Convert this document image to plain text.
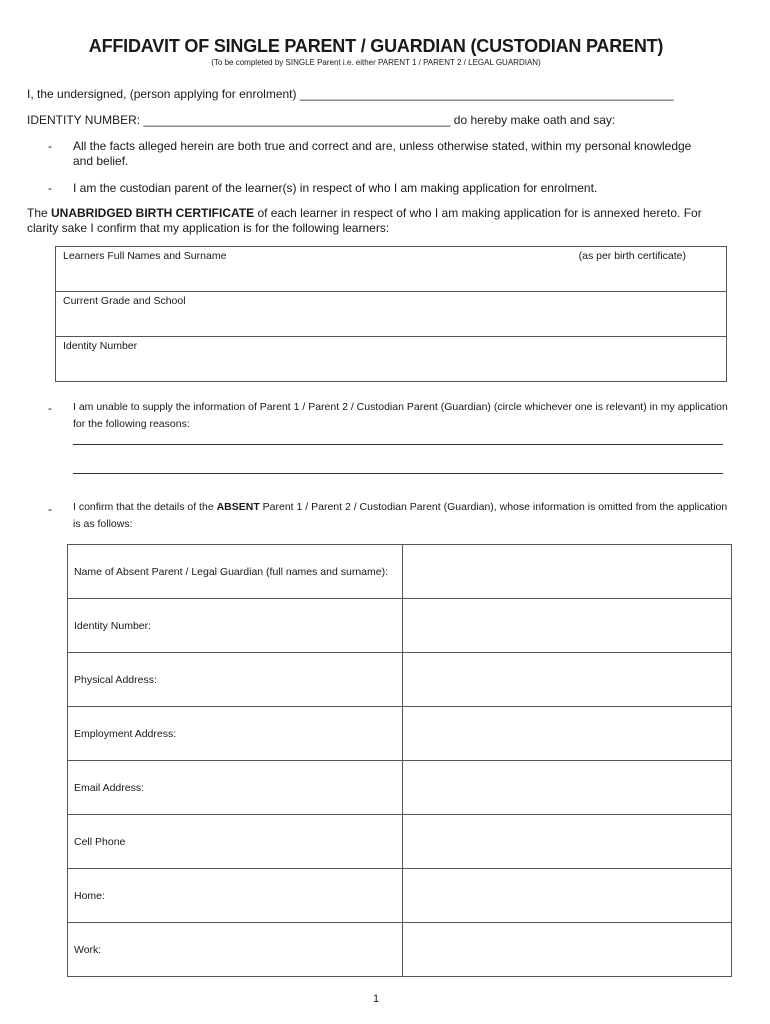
AFFIDAVIT OF SINGLE PARENT / GUARDIAN (CUSTODIAN PARENT)
(To be completed by SINGLE Parent i.e. either PARENT 1 / PARENT 2 / LEGAL GUARDIAN)
I, the undersigned, (person applying for enrolment) ________________________________________________________
IDENTITY NUMBER: ______________________________________________ do hereby make oath and say:
- All the facts alleged herein are both true and correct and are, unless otherwise stated, within my personal knowledge and belief.
- I am the custodian parent of the learner(s) in respect of who I am making application for enrolment.
The UNABRIDGED BIRTH CERTIFICATE of each learner in respect of who I am making application for is annexed hereto. For clarity sake I confirm that my application is for the following learners:
Learners Full Names and Surname	(as per birth certificate)

Current Grade and School
Identity Number
- I am unable to supply the information of Parent 1 / Parent 2 / Custodian Parent (Guardian) (circle whichever one is relevant) in my application for the following reasons:
- I confirm that the details of the ABSENT Parent 1 / Parent 2 / Custodian Parent (Guardian), whose information is omitted from the application is as follows:
Name of Absent Parent / Legal Guardian (full names and surname):	
Identity Number:	
Physical Address:	
Employment Address:	
Email Address:	
Cell Phone	
Home:	
Work:	
1
